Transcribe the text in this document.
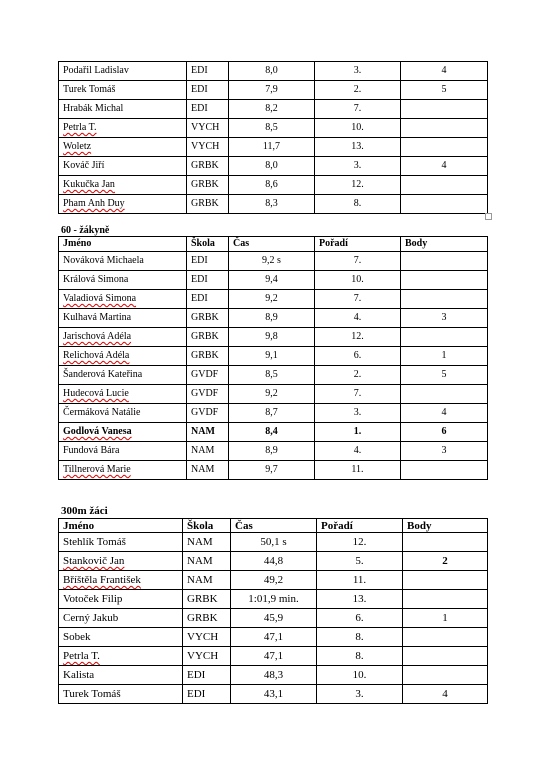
Podařil Ladislav	EDI	8,0	3.	4
Turek Tomáš	EDI	7,9	2.	5
Hrabák Michal	EDI	8,2	7.	
Petrla T.	VYCH	8,5	10.	
Woletz	VYCH	11,7	13.	
Kováč Jiří	GRBK	8,0	3.	4
Kukučka Jan	GRBK	8,6	12.	
Pham Anh Duy	GRBK	8,3	8.	
60 - žákyně
Jméno	Škola	Čas	Pořadí	Body
Nováková Michaela	EDI	9,2 s	7.	
Králová Simona	EDI	9,4	10.	
Valadiová Simona	EDI	9,2	7.	
Kulhavá Martina	GRBK	8,9	4.	3
Jarischová Adéla	GRBK	9,8	12.	
Relichová Adéla	GRBK	9,1	6.	1
Šanderová Kateřina	GVDF	8,5	2.	5
Hudecová Lucie	GVDF	9,2	7.	
Čermáková Natálie	GVDF	8,7	3.	4
Godlová Vanesa	NAM	8,4	1.	6
Fundová Bára	NAM	8,9	4.	3
Tillnerová Marie	NAM	9,7	11.	
300m žáci
Jméno	Škola	Čas	Pořadí	Body
Stehlík Tomáš	NAM	50,1 s	12.	
Stankovič Jan	NAM	44,8	5.	2
Bříštěla František	NAM	49,2	11.	
Votoček Filip	GRBK	1:01,9 min.	13.	
Cerný Jakub	GRBK	45,9	6.	1
Sobek	VYCH	47,1	8.	
Petrla T.	VYCH	47,1	8.	
Kalista	EDI	48,3	10.	
Turek Tomáš	EDI	43,1	3.	4
